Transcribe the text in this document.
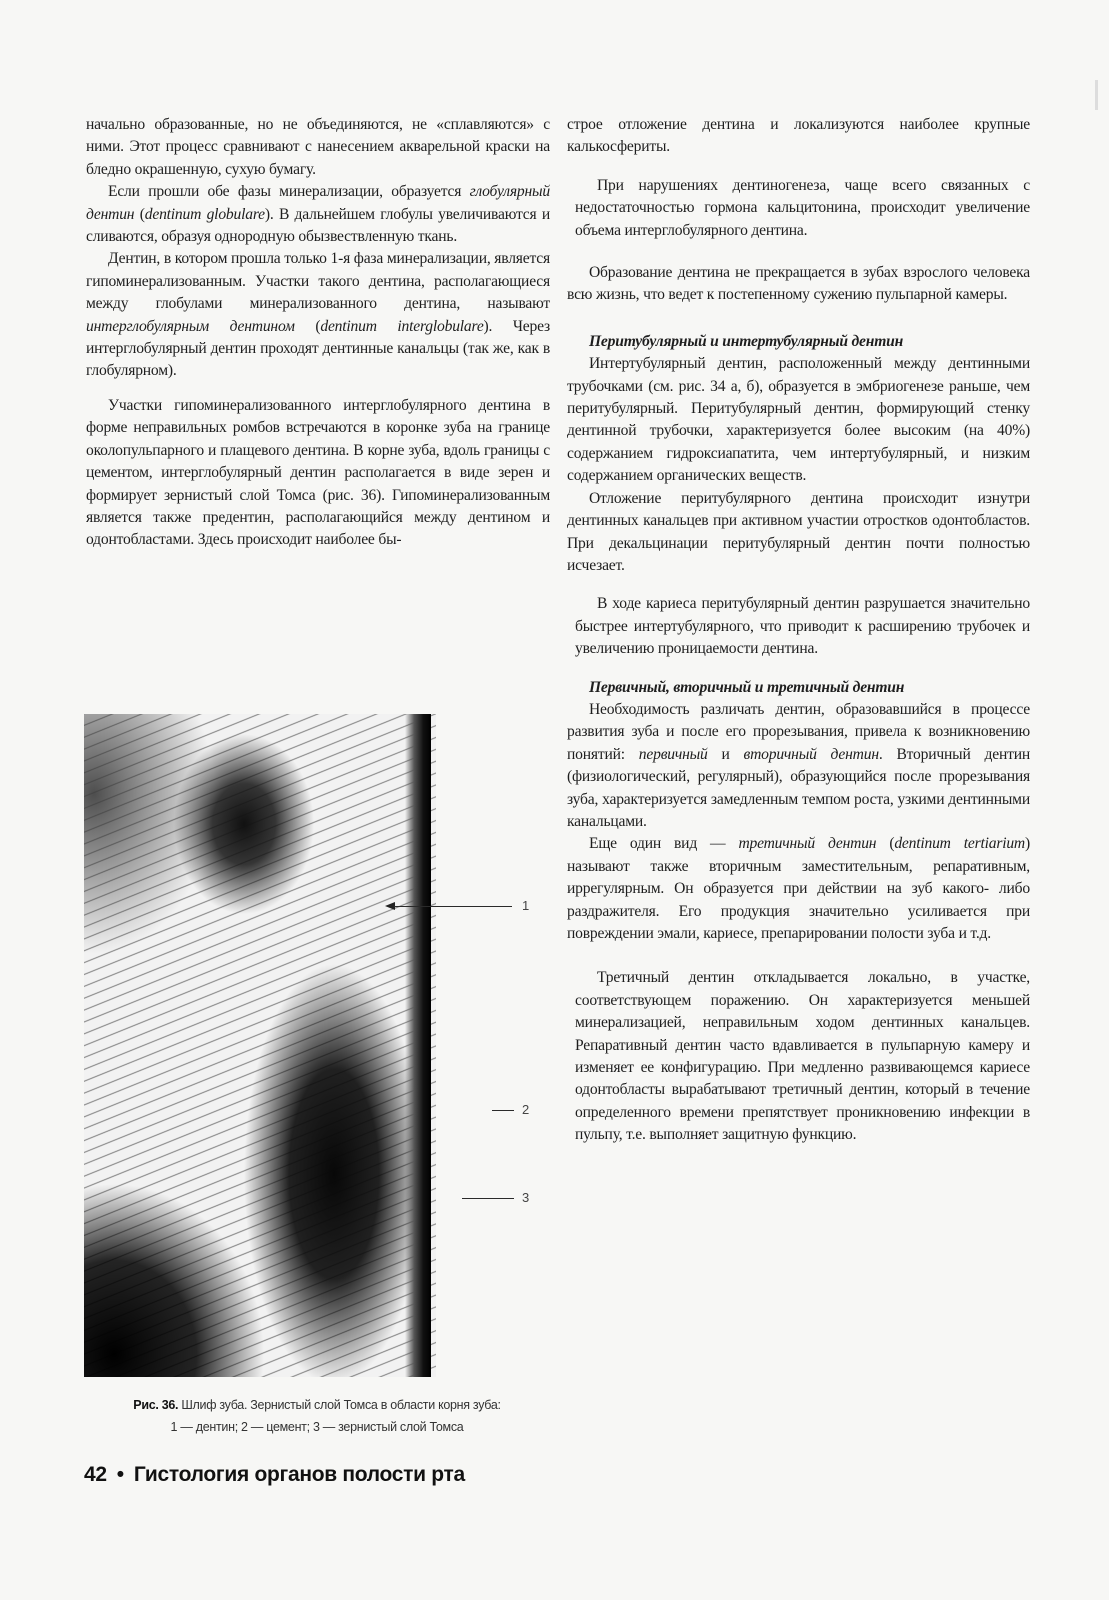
начально образованные, но не объединяются, не «сплавляются» с ними. Этот процесс сравнивают с нанесением акварельной краски на бледно окрашенную, сухую бумагу.

Если прошли обе фазы минерализации, образуется глобулярный дентин (dentinum globulare). В дальнейшем глобулы увеличиваются и сливаются, образуя однородную обызвествленную ткань.

Дентин, в котором прошла только 1-я фаза минерализации, является гипоминерализованным. Участки такого дентина, располагающиеся между глобулами минерализованного дентина, называют интерглобулярным дентином (dentinum interglobulare). Через интерглобулярный дентин проходят дентинные канальцы (так же, как в глобулярном).

Участки гипоминерализованного интерглобулярного дентина в форме неправильных ромбов встречаются в коронке зуба на границе околопульпарного и плащевого дентина. В корне зуба, вдоль границы с цементом, интерглобулярный дентин располагается в виде зерен и формирует зернистый слой Томса (рис. 36). Гипоминерализованным является также предентин, располагающийся между дентином и одонтобластами. Здесь происходит наиболее бы-

строе отложение дентина и локализуются наиболее крупные калькосфериты.

При нарушениях дентиногенеза, чаще всего связанных с недостаточностью гормона кальцитонина, происходит увеличение объема интерглобулярного дентина.

Образование дентина не прекращается в зубах взрослого человека всю жизнь, что ведет к постепенному сужению пульпарной камеры.

Перитубулярный и интертубулярный дентин

Интертубулярный дентин, расположенный между дентинными трубочками (см. рис. 34 а, б), образуется в эмбриогенезе раньше, чем перитубулярный. Перитубулярный дентин, формирующий стенку дентинной трубочки, характеризуется более высоким (на 40%) содержанием гидроксиапатита, чем интертубулярный, и низким содержанием органических веществ.

Отложение перитубулярного дентина происходит изнутри дентинных канальцев при активном участии отростков одонтобластов. При декальцинации перитубулярный дентин почти полностью исчезает.

В ходе кариеса перитубулярный дентин разрушается значительно быстрее интертубулярного, что приводит к расширению трубочек и увеличению проницаемости дентина.

Первичный, вторичный и третичный дентин

Необходимость различать дентин, образовавшийся в процессе развития зуба и после его прорезывания, привела к возникновению понятий: первичный и вторичный дентин. Вторичный дентин (физиологический, регулярный), образующийся после прорезывания зуба, характеризуется замедленным темпом роста, узкими дентинными канальцами.

Еще один вид — третичный дентин (dentinum tertiarium) называют также вторичным заместительным, репаративным, иррегулярным. Он образуется при действии на зуб какого- либо раздражителя. Его продукция значительно усиливается при повреждении эмали, кариесе, препарировании полости зуба и т.д.

Третичный дентин откладывается локально, в участке, соответствующем поражению. Он характеризуется меньшей минерализацией, неправильным ходом дентинных канальцев. Репаративный дентин часто вдавливается в пульпарную камеру и изменяет ее конфигурацию. При медленно развивающемся кариесе одонтобласты вырабатывают третичный дентин, который в течение определенного времени препятствует проникновению инфекции в пульпу, т.е. выполняет защитную функцию.

1
2
3
Рис. 36. Шлиф зуба. Зернистый слой Томса в области корня зуба:
1 — дентин; 2 — цемент; 3 — зернистый слой Томса
42 • Гистология органов полости рта
